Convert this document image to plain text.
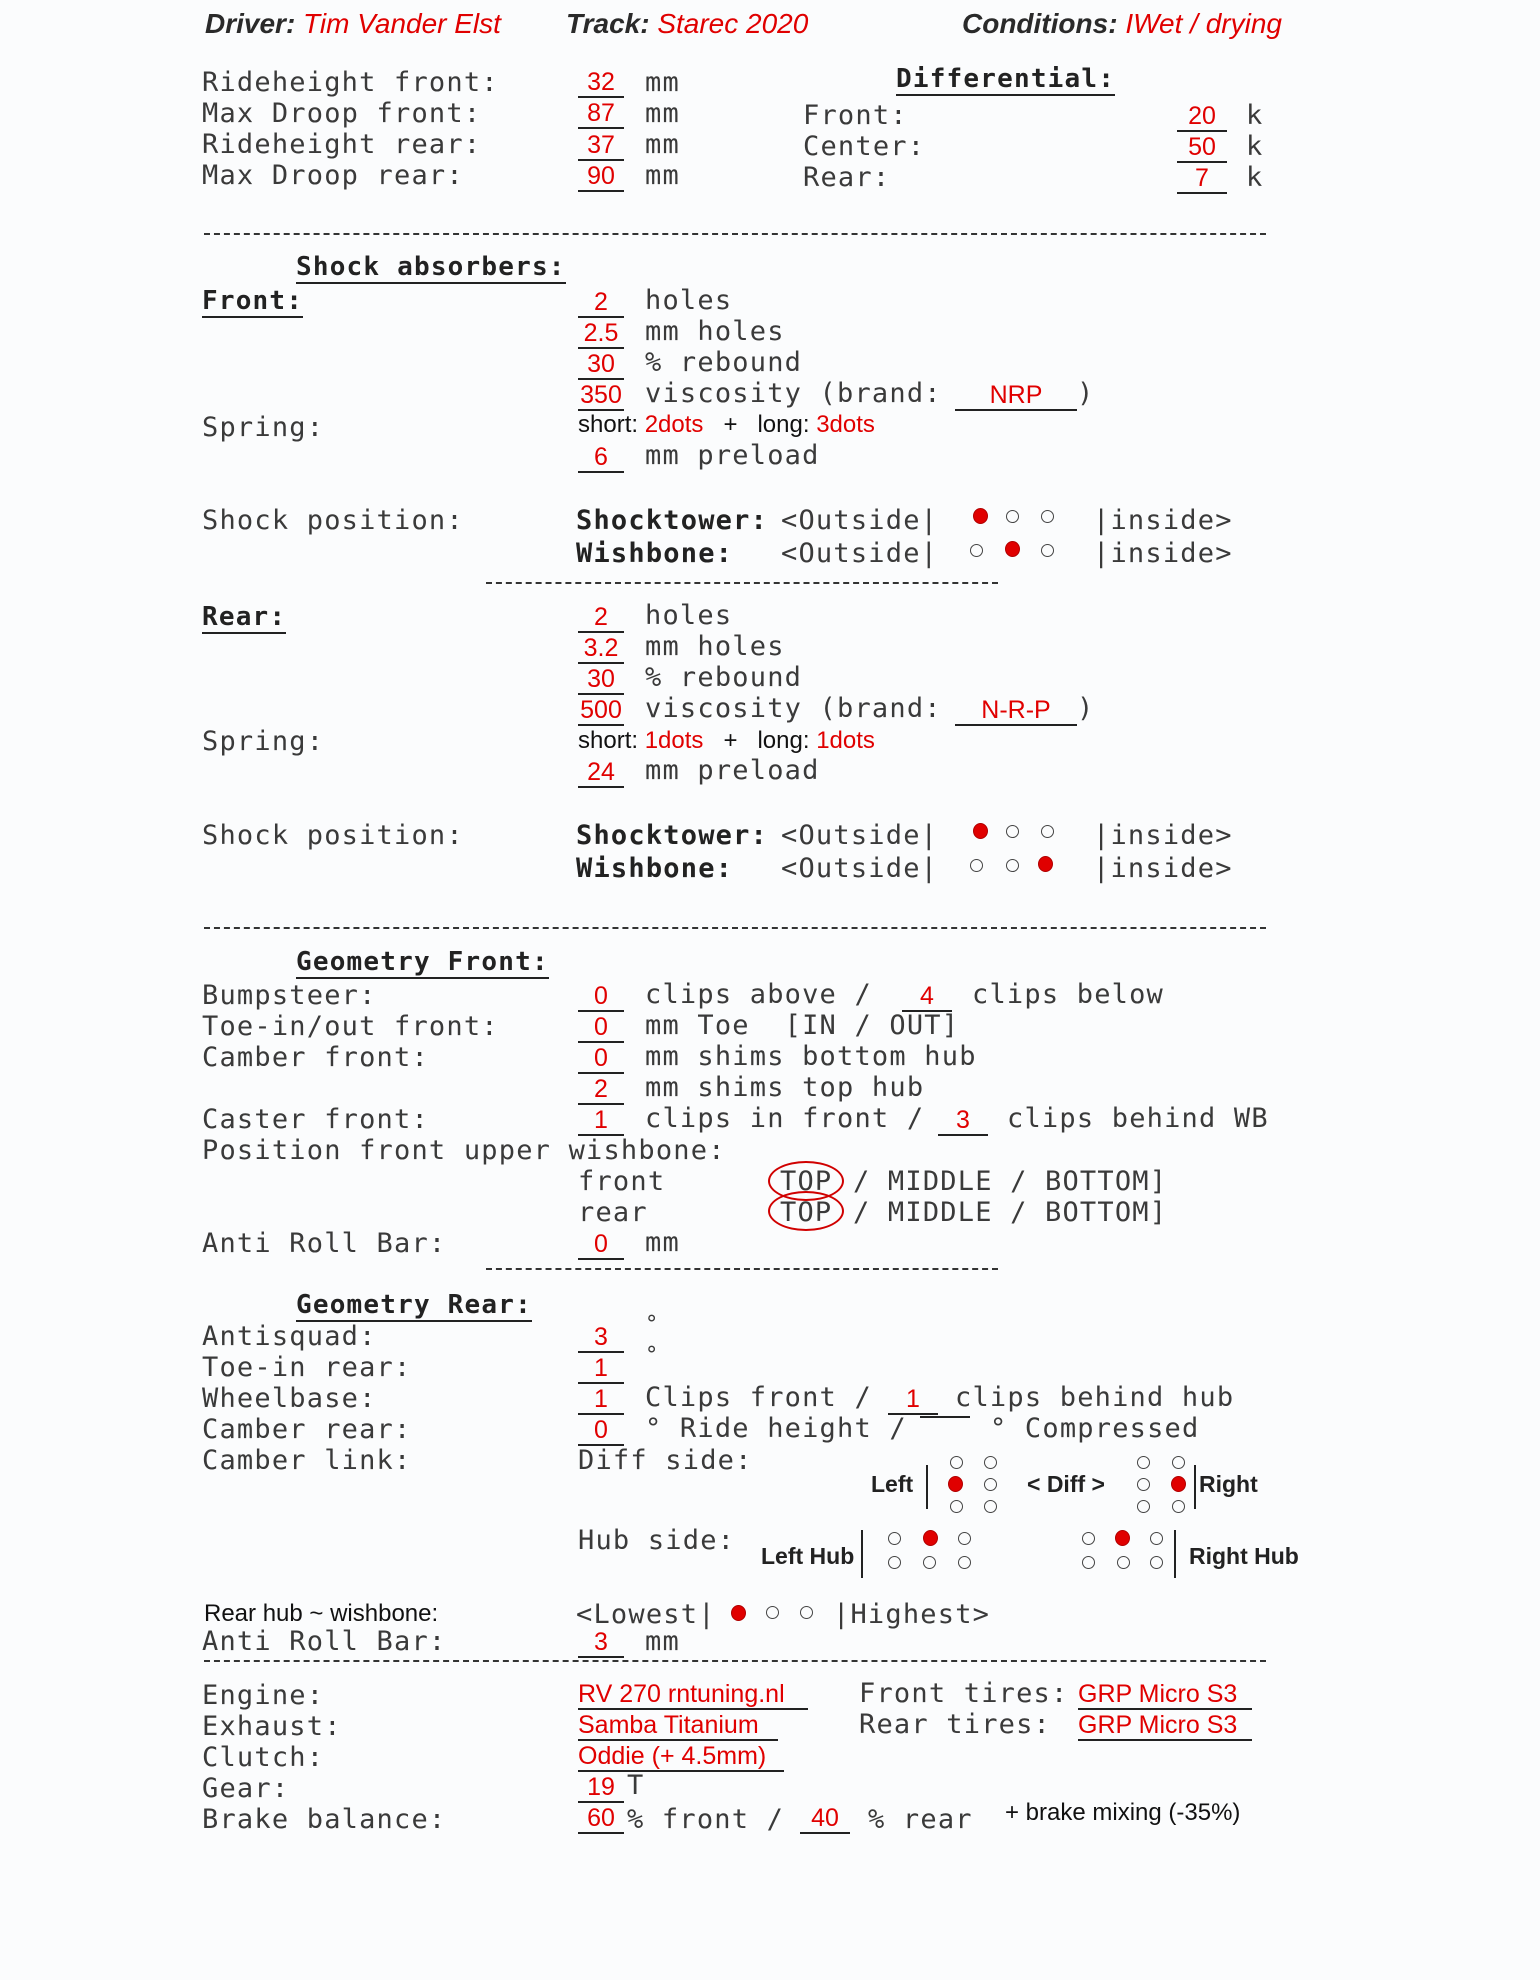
Driver: Tim Vander Elst Track: Starec 2020	Conditions: IWet / drying
Rideheight front:	32	mm
Max Droop front:	87	mm
Rideheight rear:	37	mm
Max Droop rear:	90	mm
Differential:
Front:	20	k
Center:	50	k
Rear:	7	k
Shock absorbers:
Front:	2	holes
2.5 mm holes
30	% rebound
350 viscosity (brand:	NRP	)
Spring:	short: 2dots + long: 3dots
6	mm preload
Shock position:	Shocktower: <Outside|	|inside>
Wishbone: <Outside|	|inside>
Rear:	2	holes
3.2 mm holes
30	% rebound
500 viscosity (brand:	N-R-P )
Spring:	short: 1dots + long: 1dots
24	mm preload
Shock position:	Shocktower: <Outside|	|inside>
Wishbone: <Outside|	|inside>
Geometry Front:
Bumpsteer:	0	clips above /	4	clips below
Toe-in/out front:	0	mm Toe  [IN / OUT]
Camber front:	0	mm shims bottom hub
2	mm shims top hub
Caster front:	1	clips in front /	3	clips behind WB
Position front upper wishbone:
front	TOP / MIDDLE / BOTTOM]
rear	TOP / MIDDLE / BOTTOM]
Anti Roll Bar:	0	mm
Geometry Rear:
Antisquad:	3	°
Toe-in rear:	1	°
Wheelbase:	1	Clips front /	1	clips behind hub
Camber rear:	0	° Ride height /	° Compressed
Camber link:	Diff side:
Left	< Diff >	Right
Hub side: Left Hub	Right Hub
Rear hub ~ wishbone:	<Lowest|	|Highest>
Anti Roll Bar:	3	mm
Engine:	RV 270 rntuning.nl
Exhaust:	Samba Titanium
Clutch:	Oddie (+ 4.5mm)
Gear:	19 T
Brake balance:	60 % front /	40	% rear + brake mixing (-35%)
Front tires: GRP Micro S3
Rear tires: GRP Micro S3
